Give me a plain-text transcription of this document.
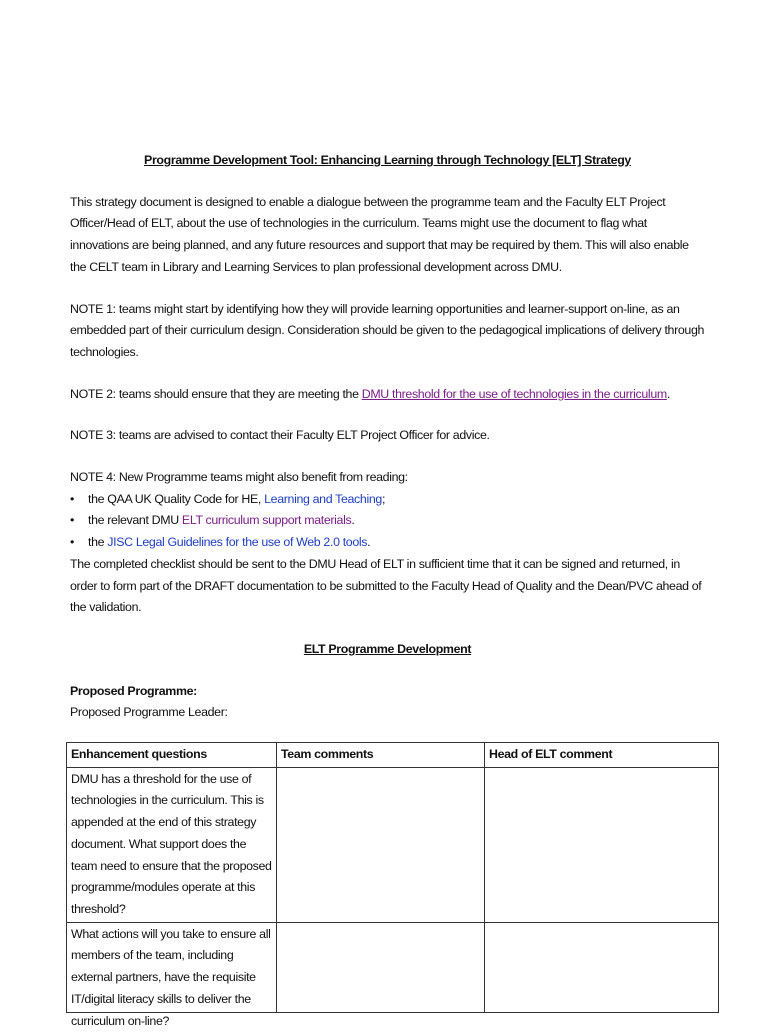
Programme Development Tool: Enhancing Learning through Technology [ELT] Strategy

This strategy document is designed to enable a dialogue between the programme team and the Faculty ELT Project Officer/Head of ELT, about the use of technologies in the curriculum. Teams might use the document to flag what innovations are being planned, and any future resources and support that may be required by them. This will also enable the CELT team in Library and Learning Services to plan professional development across DMU.

NOTE 1: teams might start by identifying how they will provide learning opportunities and learner-support on-line, as an embedded part of their curriculum design. Consideration should be given to the pedagogical implications of delivery through technologies.

NOTE 2: teams should ensure that they are meeting the DMU threshold for the use of technologies in the curriculum.

NOTE 3: teams are advised to contact their Faculty ELT Project Officer for advice.

NOTE 4: New Programme teams might also benefit from reading:

• the QAA UK Quality Code for HE, Learning and Teaching;
• the relevant DMU ELT curriculum support materials.
• the JISC Legal Guidelines for the use of Web 2.0 tools.

The completed checklist should be sent to the DMU Head of ELT in sufficient time that it can be signed and returned, in order to form part of the DRAFT documentation to be submitted to the Faculty Head of Quality and the Dean/PVC ahead of the validation.

ELT Programme Development

Proposed Programme:

Proposed Programme Leader:

Enhancement questions	Team comments	Head of ELT comment
DMU has a threshold for the use of technologies in the curriculum. This is appended at the end of this strategy document. What support does the team need to ensure that the proposed programme/modules operate at this threshold?		

What actions will you take to ensure all members of the team, including external partners, have the requisite IT/digital literacy skills to deliver the curriculum on-line?		
